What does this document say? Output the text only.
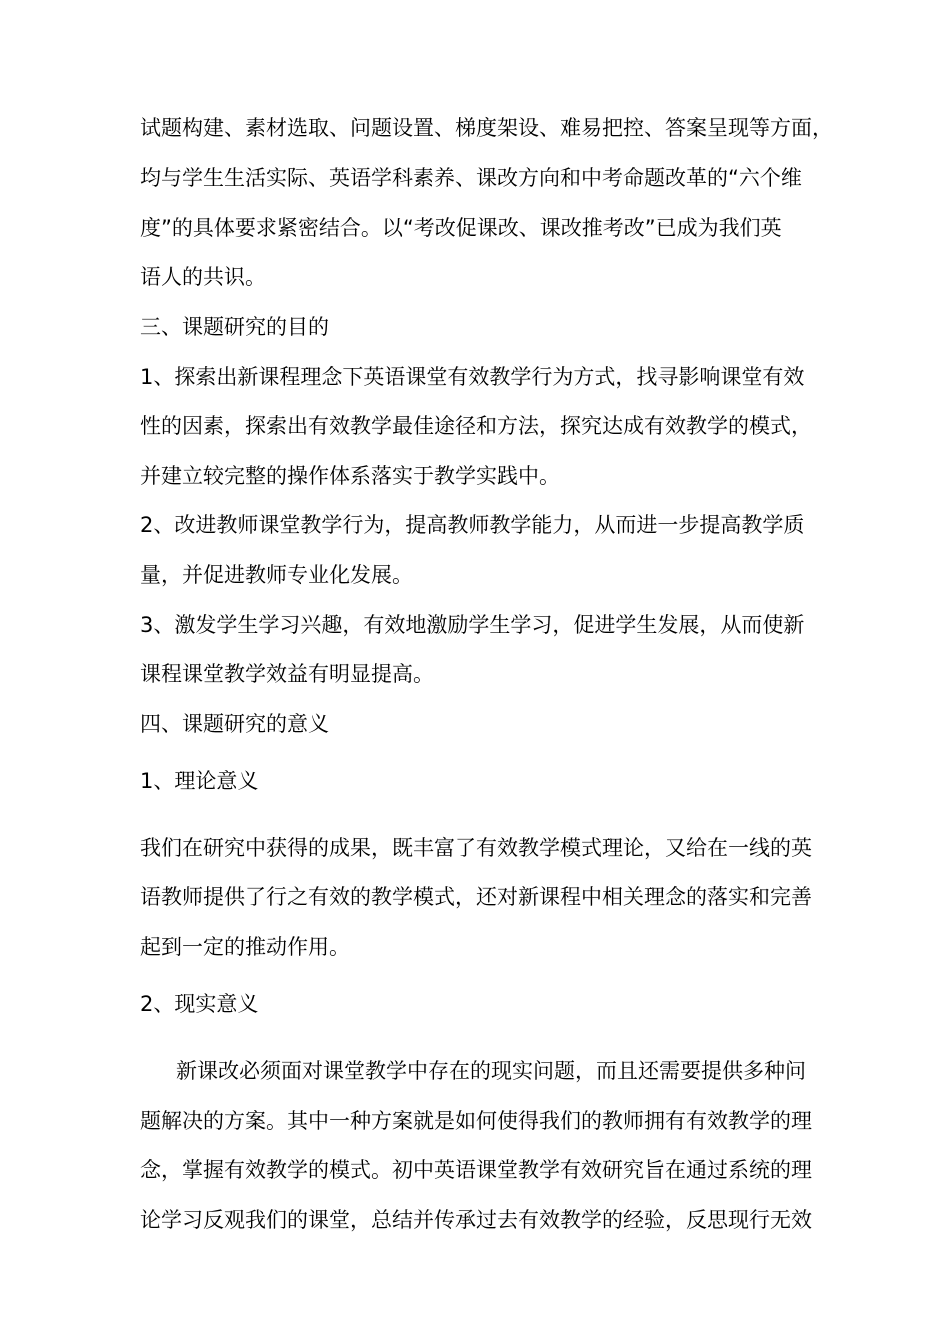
试题构建、素材选取、问题设置、梯度架设、难易把控、答案呈现等方面，

均与学生生活实际、英语学科素养、课改方向和中考命题改革的“六个维

度”的具体要求紧密结合。以“考改促课改、课改推考改”已成为我们英

语人的共识。

三、课题研究的目的

1、探索出新课程理念下英语课堂有效教学行为方式，找寻影响课堂有效

性的因素，探索出有效教学最佳途径和方法，探究达成有效教学的模式，

并建立较完整的操作体系落实于教学实践中。

2、改进教师课堂教学行为，提高教师教学能力，从而进一步提高教学质

量，并促进教师专业化发展。

3、激发学生学习兴趣，有效地激励学生学习，促进学生发展，从而使新

课程课堂教学效益有明显提高。

四、课题研究的意义

1、理论意义

我们在研究中获得的成果，既丰富了有效教学模式理论，又给在一线的英

语教师提供了行之有效的教学模式，还对新课程中相关理念的落实和完善

起到一定的推动作用。

2、现实意义

新课改必须面对课堂教学中存在的现实问题，而且还需要提供多种问

题解决的方案。其中一种方案就是如何使得我们的教师拥有有效教学的理

念，掌握有效教学的模式。初中英语课堂教学有效研究旨在通过系统的理

论学习反观我们的课堂，总结并传承过去有效教学的经验，反思现行无效
